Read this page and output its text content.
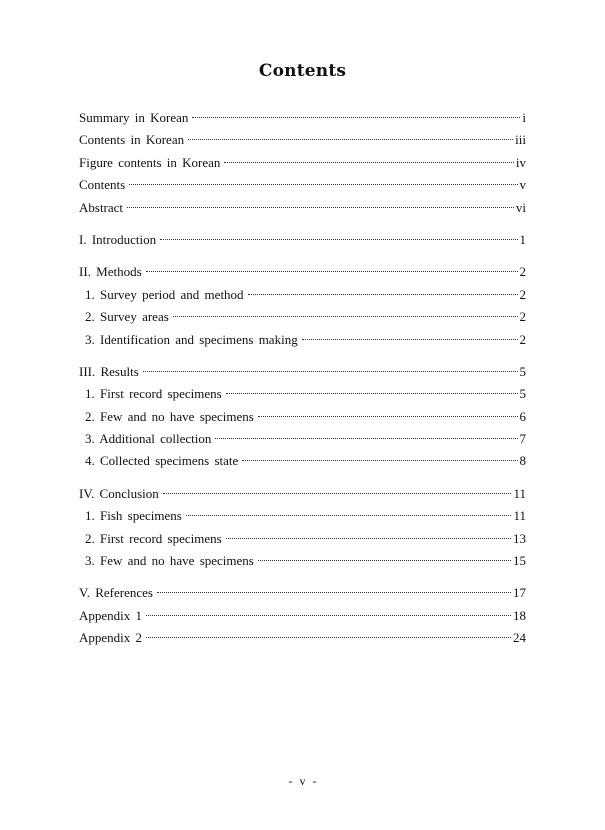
Contents
Summary in Korean	i
Contents in Korean	iii
Figure contents in Korean	iv
Contents	v
Abstract	vi
I. Introduction	1
II. Methods	2
1. Survey period and method	2
2. Survey areas	2
3. Identification and specimens making	2
III. Results	5
1. First record specimens	5
2. Few and no have specimens	6
3. Additional collection	7
4. Collected specimens state	8
IV. Conclusion	11
1. Fish specimens	11
2. First record specimens	13
3. Few and no have specimens	15
V. References	17
Appendix 1	18
Appendix 2	24
- v -
